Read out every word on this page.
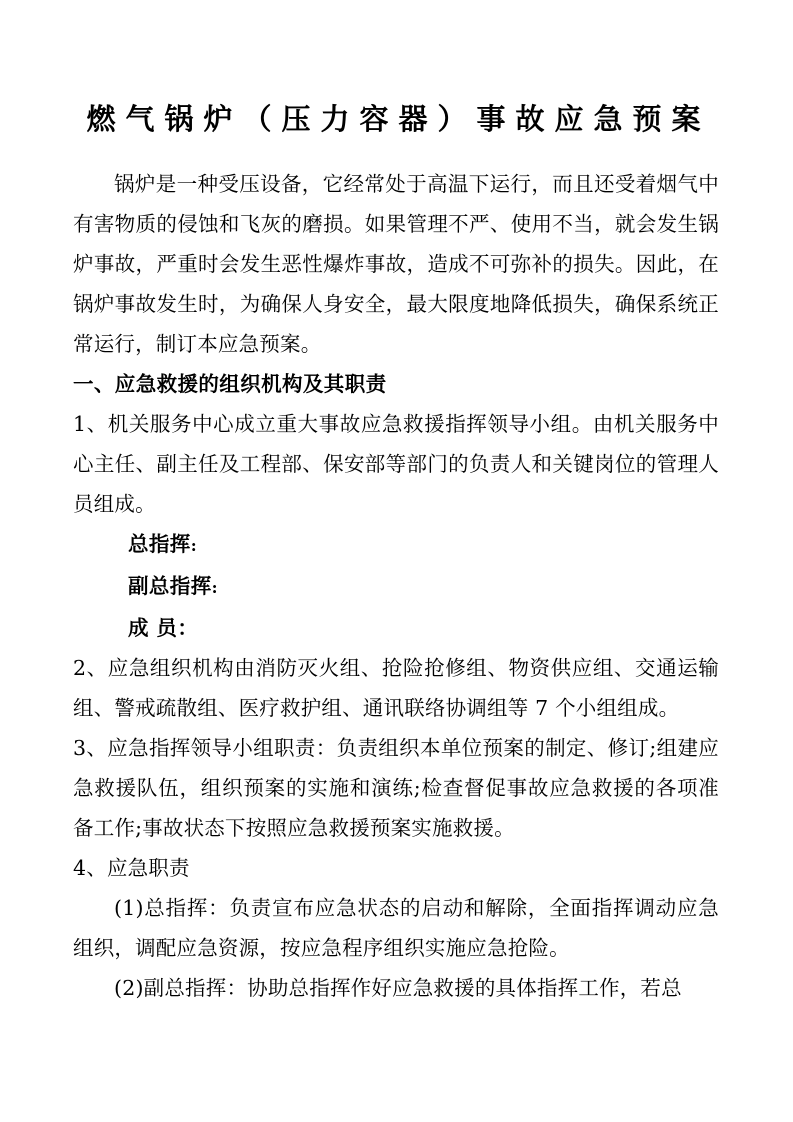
燃气锅炉（压力容器）事故应急预案

锅炉是一种受压设备，它经常处于高温下运行，而且还受着烟气中有害物质的侵蚀和飞灰的磨损。如果管理不严、使用不当，就会发生锅炉事故，严重时会发生恶性爆炸事故，造成不可弥补的损失。因此，在锅炉事故发生时，为确保人身安全，最大限度地降低损失，确保系统正常运行，制订本应急预案。

一、应急救援的组织机构及其职责

1、机关服务中心成立重大事故应急救援指挥领导小组。由机关服务中心主任、副主任及工程部、保安部等部门的负责人和关键岗位的管理人员组成。

总指挥:

副总指挥:

成 员：

2、应急组织机构由消防灭火组、抢险抢修组、物资供应组、交通运输组、警戒疏散组、医疗救护组、通讯联络协调组等 7 个小组组成。

3、应急指挥领导小组职责：负责组织本单位预案的制定、修订;组建应急救援队伍，组织预案的实施和演练;检查督促事故应急救援的各项准备工作;事故状态下按照应急救援预案实施救援。

4、应急职责

(1)总指挥：负责宣布应急状态的启动和解除，全面指挥调动应急组织，调配应急资源，按应急程序组织实施应急抢险。

(2)副总指挥：协助总指挥作好应急救援的具体指挥工作，若总
